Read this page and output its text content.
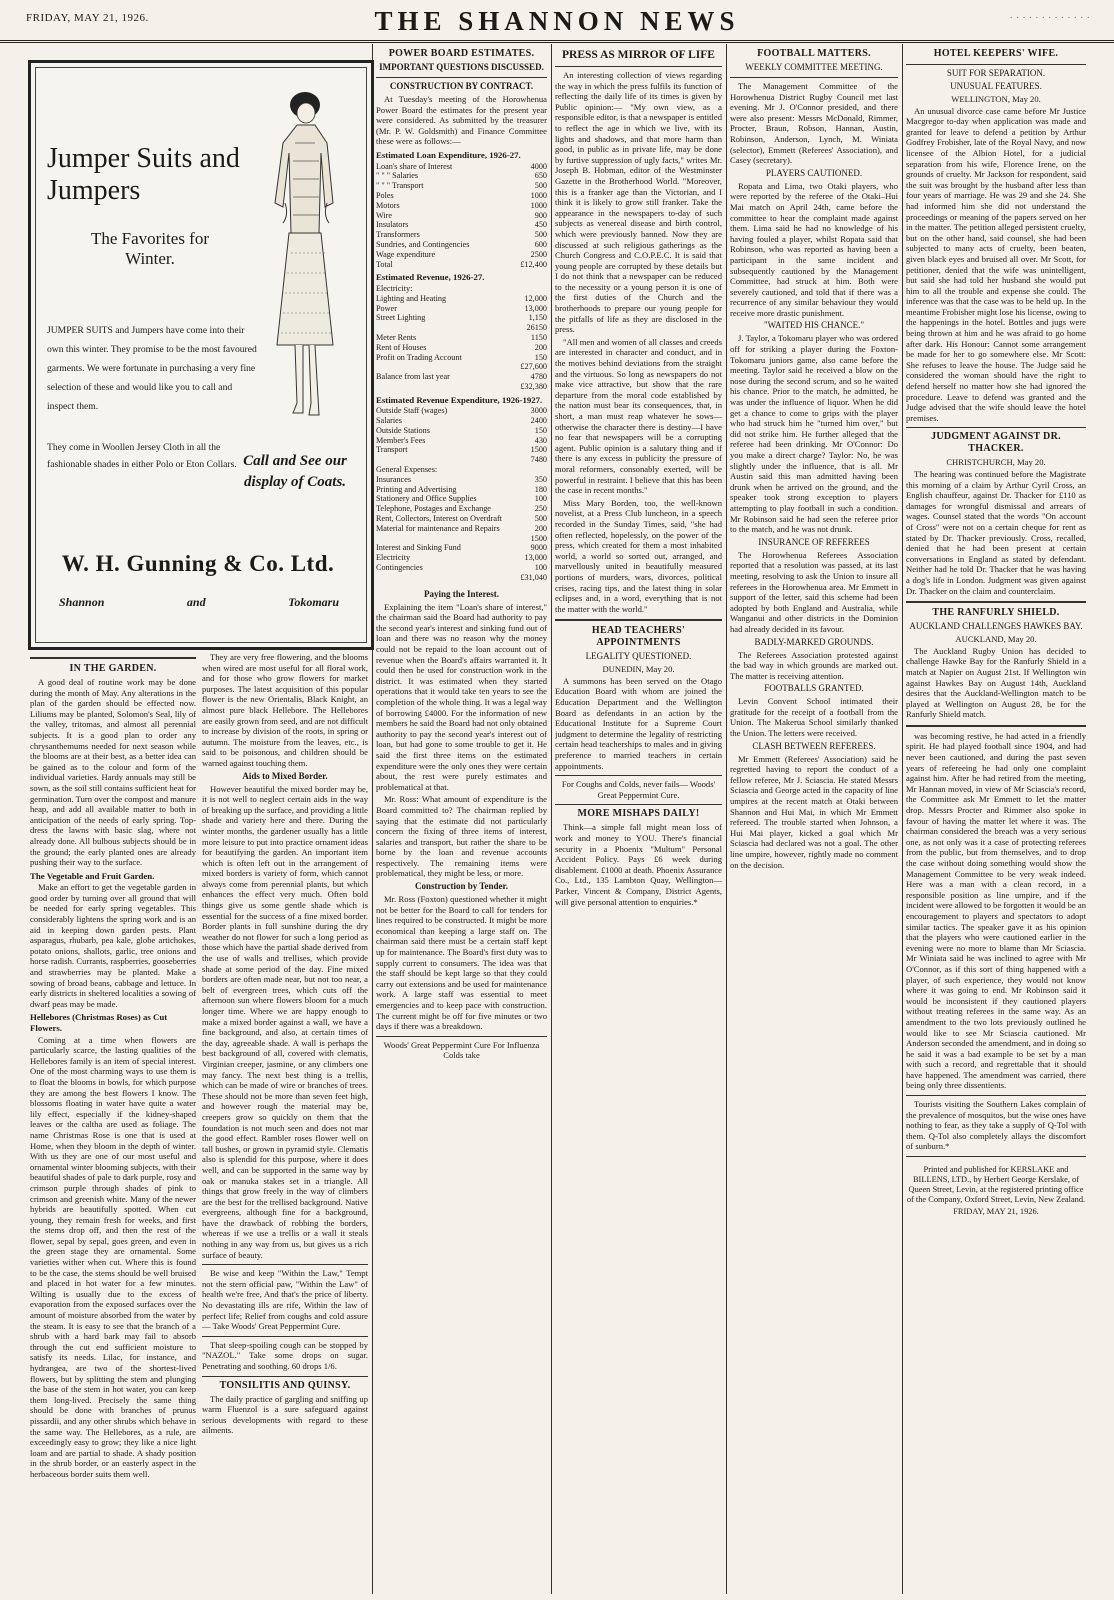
FRIDAY, MAY 21, 1926.	THE SHANNON NEWS	· · · · · · · · · · · · ·
Jumper Suits and Jumpers
The Favorites for Winter.
JUMPER SUITS and Jumpers have come into their own this winter. They promise to be the most favoured garments. We were fortunate in purchasing a very fine selection of these and would like you to call and inspect them.
They come in Woollen Jersey Cloth in all the fashionable shades in either Polo or Eton Collars. Call and See our display of Coats.
W. H. Gunning & Co. Ltd.
Shannon	and	Tokomaru
IN THE GARDEN.

A good deal of routine work may be done during the month of May. Any alterations in the plan of the garden should be effected now. Liliums may be planted, Solomon's Seal, lily of the valley, tritomas, and almost all perennial subjects. It is a good plan to order any chrysanthemums needed for next season while the blooms are at their best, as a better idea can be gained as to the colour and form of the individual varieties. Hardy annuals may still be sown, as the soil still contains sufficient heat for germination. Turn over the compost and manure heap, and add all available matter to both in anticipation of the needs of early spring. Top-dress the lawns with basic slag, where not already done. All bulbous subjects should be in the ground; the early planted ones are already pushing their way to the surface.

The Vegetable and Fruit Garden.

Make an effort to get the vegetable garden in good order by turning over all ground that will be needed for early spring vegetables. This considerably lightens the spring work and is an aid in keeping down garden pests. Plant asparagus, rhubarb, pea kale, globe artichokes, potato onions, shallots, garlic, tree onions and horse radish. Currants, raspberries, gooseberries and strawberries may be planted. Make a sowing of broad beans, cabbage and lettuce. In early districts in sheltered localities a sowing of dwarf peas may be made.

Hellebores (Christmas Roses) as Cut Flowers.

Coming at a time when flowers are particularly scarce, the lasting qualities of the Hellebores family is an item of special interest. One of the most charming ways to use them is to float the blooms in bowls, for which purpose they are among the best flowers I know. The blossoms floating in water have quite a water lily effect, especially if the kidney-shaped leaves or the caltha are used as foliage. The name Christmas Rose is one that is used at Home, when they bloom in the depth of winter. With us they are one of our most useful and ornamental winter blooming subjects, with their beautiful shades of pale to dark purple, rosy and crimson purple through shades of pink to crimson and greenish white. Many of the newer hybrids are beautifully spotted. When cut young, they remain fresh for weeks, and first the stems drop off, and then the rest of the flower, sepal by sepal, goes green, and even in the green stage they are ornamental. Some varieties wither when cut. Where this is found to be the case, the stems should be well bruised and placed in hot water for a few minutes. Wilting is usually due to the excess of evaporation from the exposed surfaces over the amount of moisture absorbed from the water by the steam. It is easy to see that the branch of a shrub with a hard bark may fail to absorb through the cut end sufficient moisture to satisfy its needs. Lilac, for instance, and hydrangea, are two of the shortest-lived flowers, but by splitting the stem and plunging the base of the stem in hot water, you can keep them long-lived. Precisely the same thing should be done with branches of prunus pissardii, and any other shrubs which behave in the same way. The Hellebores, as a rule, are exceedingly easy to grow; they like a nice light loam and are partial to shade. A shady position in the shrub border, or an easterly aspect in the herbaceous border suits them well.

They are very free flowering, and the blooms when wired are most useful for all floral work, and for those who grow flowers for market purposes. The latest acquisition of this popular flower is the new Orientalis, Black Knight, an almost pure black Hellebore. The Hellebores are easily grown from seed, and are not difficult to increase by division of the roots, in spring or autumn. The moisture from the leaves, etc., is said to be poisonous, and children should be warned against touching them.

Aids to Mixed Border.

However beautiful the mixed border may be, it is not well to neglect certain aids in the way of breaking up the surface, and providing a little shade and variety here and there. During the winter months, the gardener usually has a little more leisure to put into practice ornament ideas for beautifying the garden. An important item which is often left out in the arrangement of mixed borders is variety of form, which cannot always come from perennial plants, but which enhances the effect very much. Often bold things give us some gentle shade which is essential for the success of a fine mixed border. Border plants in full sunshine during the dry weather do not flower for such a long period as those which have the partial shade derived from the use of walls and trellises, which provide shade at some period of the day. Fine mixed borders are often made near, but not too near, a belt of evergreen trees, which cuts off the afternoon sun where flowers bloom for a much longer time. Where we are happy enough to make a mixed border against a wall, we have a fine background, and also, at certain times of the day, agreeable shade. A wall is perhaps the best background of all, covered with clematis, Virginian creeper, jasmine, or any climbers one may fancy. The next best thing is a trellis, which can be made of wire or branches of trees. These should not be more than seven feet high, and however rough the material may be, creepers grow so quickly on them that the foundation is not much seen and does not mar the good effect. Rambler roses flower well on tall bushes, or grown in pyramid style. Clematis also is splendid for this purpose, where it does well, and can be supported in the same way by oak or manuka stakes set in a triangle. All things that grow freely in the way of climbers are the best for the trellised background. Native evergreens, although fine for a background, have the drawback of robbing the borders, whereas if we use a trellis or a wall it steals nothing in any way from us, but gives us a rich surface of beauty.

Be wise and keep "Within the Law," Tempt not the stern official paw, "Within the Law" of health we're free, And that's the price of liberty. No devastating ills are rife, Within the law of perfect life; Relief from coughs and cold assure— Take Woods' Great Peppermint Cure.

That sleep-spoiling cough can be stopped by "NAZOL." Take some drops on sugar. Penetrating and soothing. 60 drops 1/6.

TONSILITIS AND QUINSY.

The daily practice of gargling and sniffing up warm Fluenzol is a sure safeguard against serious developments with regard to these ailments.

POWER BOARD ESTIMATES.
IMPORTANT QUESTIONS DISCUSSED.
CONSTRUCTION BY CONTRACT.

At Tuesday's meeting of the Horowhenua Power Board the estimates for the present year were considered. As submitted by the treasurer (Mr. P. W. Goldsmith) and Finance Committee these were as follows:—

Estimated Loan Expenditure, 1926-27.
Loan's share of Interest	4000
" " " Salaries	650
" " " Transport	500
Poles	1000
Motors	1000
Wire	900
Insulators	450
Transformers	500
Sundries, and Contingencies	600
Wage expenditure	2500
Total	£12,400
Estimated Revenue, 1926-27.
Electricity:	
Lighting and Heating	12,000
Power	13,000
Street Lighting	1,150
	26150
Meter Rents	1150
Rent of Houses	200
Profit on Trading Account	150
	£27,600
Balance from last year	4780
	£32,380
Estimated Revenue Expenditure, 1926-1927.
Outside Staff (wages)	3000
Salaries	2400
Outside Stations	150
Member's Fees	430
Transport	1500
	7480
General Expenses:	
Insurances	350
Printing and Advertising	180
Stationery and Office Supplies	100
Telephone, Postages and Exchange	250
Rent, Collectors, Interest on Overdraft	500
Material for maintenance and Repairs	200
	1500
Interest and Sinking Fund	9000
Electricity	13,000
Contingencies	100
	£31,040
Paying the Interest.

Explaining the item "Loan's share of interest," the chairman said the Board had authority to pay the second year's interest and sinking fund out of loan and there was no reason why the money could not be repaid to the loan account out of revenue when the Board's affairs warranted it. It could then be used for construction work in the district. It was estimated when they started operations that it would take ten years to see the completion of the whole thing. It was a legal way of borrowing £4000. For the information of new members he said the Board had not only obtained authority to pay the second year's interest out of loan, but had gone to some trouble to get it. He said the first three items on the estimated expenditure were the only ones they were certain about, the rest were purely estimates and problematical at that.

Mr. Ross: What amount of expenditure is the Board committed to? The chairman replied by saying that the estimate did not particularly concern the fixing of three items of interest, salaries and transport, but rather the share to be borne by the loan and revenue accounts respectively. The remaining items were problematical, they might be less, or more.

Construction by Tender.

Mr. Ross (Foxton) questioned whether it might not be better for the Board to call for tenders for lines required to be constructed. It might be more economical than keeping a large staff on. The chairman said there must be a certain staff kept up for maintenance. The Board's first duty was to supply current to consumers. The idea was that the staff should be kept large so that they could carry out extensions and be used for maintenance work. A large staff was essential to meet emergencies and to keep pace with construction. The current might be off for five minutes or two days if there was a breakdown.

Woods' Great Peppermint Cure For Influenza Colds take

PRESS AS MIRROR OF LIFE

An interesting collection of views regarding the way in which the press fulfils its function of reflecting the daily life of its times is given by Public opinion:— "My own view, as a responsible editor, is that a newspaper is entitled to reflect the age in which we live, with its lights and shadows, and that more harm than good, in public as in private life, may be done by furtive suppression of ugly facts," writes Mr. Joseph B. Hobman, editor of the Westminster Gazette in the Brotherhood World. "Moreover, this is a franker age than the Victorian, and I think it is likely to grow still franker. Take the appearance in the newspapers to-day of such subjects as venereal disease and birth control, which were previously banned. Now they are discussed at such religious gatherings as the Church Congress and C.O.P.E.C. It is said that young people are corrupted by these details but I do not think that a newspaper can be reduced to the necessity or a young person it is one of the first duties of the Church and the brotherhoods to prepare our young people for the pitfalls of life as they are disclosed in the press.

"All men and women of all classes and creeds are interested in character and conduct, and in the motives behind deviations from the straight and the virtuous. So long as newspapers do not make vice attractive, but show that the rare departure from the moral code established by the nation must bear its consequences, that, in short, a man must reap whatever he sows—otherwise the character there is destiny—I have no fear that newspapers will be a corrupting agent. Public opinion is a salutary thing and if there is any excess in publicity the pressure of moral reformers, consonably exerted, will be powerful in restraint. I believe that this has been the case in recent months."

Miss Mary Borden, too, the well-known novelist, at a Press Club luncheon, in a speech recorded in the Sunday Times, said, "she had often reflected, hopelessly, on the power of the press, which created for them a most inhabited world, a world so sorted out, arranged, and marvellously united in beautifully measured portions of murders, wars, divorces, political crises, racing tips, and the latest thing in solar eclipses and, in a word, everything that is not the matter with the world."

HEAD TEACHERS' APPOINTMENTS
LEGALITY QUESTIONED.
DUNEDIN, May 20.

A summons has been served on the Otago Education Board with whom are joined the Education Department and the Wellington Board as defendants in an action by the Educational Institute for a Supreme Court judgment to determine the legality of restricting certain head teacherships to males and in giving preference to married teachers in certain appointments.

For Coughs and Colds, never fails— Woods' Great Peppermint Cure.

MORE MISHAPS DAILY!

Think—a simple fall might mean loss of work and money to YOU. There's financial security in a Phoenix "Multum" Personal Accident Policy. Pays £6 week during disablement. £1000 at death. Phoenix Assurance Co., Ltd., 135 Lambton Quay, Wellington—Parker, Vincent & Company, District Agents, will give personal attention to enquiries.*

FOOTBALL MATTERS.
WEEKLY COMMITTEE MEETING.

The Management Committee of the Horowhenua District Rugby Council met last evening. Mr J. O'Connor presided, and there were also present: Messrs McDonald, Rimmer, Procter, Braun, Robson, Hannan, Austin, Robinson, Anderson, Lynch, M. Winiata (selector), Emmett (Referees' Association), and Casey (secretary).

PLAYERS CAUTIONED.

Ropata and Lima, two Otaki players, who were reported by the referee of the Otaki–Hui Mai match on April 24th, came before the committee to hear the complaint made against them. Lima said he had no knowledge of his having fouled a player, whilst Ropata said that Robinson, who was reported as having been a participant in the same incident and subsequently cautioned by the Management Committee, had struck at him. Both were severely cautioned, and told that if there was a recurrence of any similar behaviour they would receive more drastic punishment.

"WAITED HIS CHANCE."

J. Taylor, a Tokomaru player who was ordered off for striking a player during the Foxton-Tokomaru juniors game, also came before the meeting. Taylor said he received a blow on the nose during the second scrum, and so he waited his chance. Prior to the match, he admitted, he was under the influence of liquor. When he did get a chance to come to grips with the player who had struck him he "turned him over," but did not strike him. He further alleged that the referee had been drinking. Mr O'Connor: Do you make a direct charge? Taylor: No, he was slightly under the influence, that is all. Mr Austin said this man admitted having been drunk when he arrived on the ground, and the speaker took strong exception to players attempting to play football in such a condition. Mr Robinson said he had seen the referee prior to the match, and he was not drunk.

INSURANCE OF REFEREES

The Horowhenua Referees Association reported that a resolution was passed, at its last meeting, resolving to ask the Union to insure all referees in the Horowhenua area. Mr Emmett in support of the letter, said this scheme had been adopted by both England and Australia, while Wanganui and other districts in the Dominion had already decided in its favour.

BADLY-MARKED GROUNDS.

The Referees Association protested against the bad way in which grounds are marked out. The matter is receiving attention.

FOOTBALLS GRANTED.

Levin Convent School intimated their gratitude for the receipt of a football from the Union. The Makerua School similarly thanked the Union. The letters were received.

CLASH BETWEEN REFEREES.

Mr Emmett (Referees' Association) said he regretted having to report the conduct of a fellow referee, Mr J. Sciascia. He stated Messrs Sciascia and George acted in the capacity of line umpires at the recent match at Otaki between Shannon and Hui Mai, in which Mr Emmett refereed. The trouble started when Johnson, a Hui Mai player, kicked a goal which Mr Sciascia had declared was not a goal. The other line umpire, however, rightly made no comment on the decision.

HOTEL KEEPERS' WIFE.
SUIT FOR SEPARATION.
UNUSUAL FEATURES.
WELLINGTON, May 20.

An unusual divorce case came before Mr Justice Macgregor to-day when application was made and granted for leave to defend a petition by Arthur Godfrey Frobisher, late of the Royal Navy, and now licensee of the Albion Hotel, for a judicial separation from his wife, Florence Irene, on the grounds of cruelty. Mr Jackson for respondent, said the suit was brought by the husband after less than four years of marriage. He was 29 and she 24. She had informed him she did not understand the proceedings or meaning of the papers served on her in the matter. The petition alleged persistent cruelty, but on the other hand, said counsel, she had been subjected to many acts of cruelty, been beaten, given black eyes and bruised all over. Mr Scott, for petitioner, denied that the wife was unintelligent, but said she had told her husband she would put him to all the trouble and expense she could. The inference was that the case was to be held up. In the meantime Frobisher might lose his license, owing to the happenings in the hotel. Bottles and jugs were being thrown at him and he was afraid to go home after dark. His Honour: Cannot some arrangement be made for her to go somewhere else. Mr Scott: She refuses to leave the house. The Judge said he considered the woman should have the right to defend herself no matter how she had ignored the procedure. Leave to defend was granted and the Judge advised that the wife should leave the hotel premises.

JUDGMENT AGAINST DR. THACKER.
CHRISTCHURCH, May 20.

The hearing was continued before the Magistrate this morning of a claim by Arthur Cyril Cross, an English chauffeur, against Dr. Thacker for £110 as damages for wrongful dismissal and arrears of wages. Counsel stated that the words "On account of Cross" were not on a certain cheque for rent as stated by Dr. Thacker previously. Cross, recalled, denied that he had been present at certain conversations in England as stated by defendant. Neither had he told Dr. Thacker that he was having a dog's life in London. Judgment was given against Dr. Thacker on the claim and counterclaim.

THE RANFURLY SHIELD.
AUCKLAND CHALLENGES HAWKES BAY.
AUCKLAND, May 20.

The Auckland Rugby Union has decided to challenge Hawke Bay for the Ranfurly Shield in a match at Napier on August 21st. If Wellington win against Hawkes Bay on August 14th, Auckland desires that the Auckland-Wellington match to be played at Wellington on August 28, be for the Ranfurly Shield match.

was becoming restive, he had acted in a friendly spirit. He had played football since 1904, and had never been cautioned, and during the past seven years of refereeing he had only one complaint against him. After he had retired from the meeting, Mr Hannan moved, in view of Mr Sciascia's record, the Committee ask Mr Emmett to let the matter drop. Messrs Procter and Rimmer also spoke in favour of having the matter let where it was. The chairman considered the breach was a very serious one, as not only was it a case of protecting referees from the public, but from themselves, and to drop the case without doing something would show the Management Committee to be very weak indeed. Here was a man with a clean record, in a responsible position as line umpire, and if the incident were allowed to be forgotten it would be an encouragement to players and spectators to adopt similar tactics. The speaker gave it as his opinion that the players who were cautioned earlier in the evening were no more to blame than Mr Sciascia. Mr Winiata said he was inclined to agree with Mr O'Connor, as if this sort of thing happened with a player, of such experience, they would not know where it was going to end. Mr Robinson said it would be inconsistent if they cautioned players without treating referees in the same way. As an amendment to the two lots previously outlined he would like to see Mr Sciascia cautioned. Mr Anderson seconded the amendment, and in doing so he said it was a bad example to be set by a man with such a record, and regrettable that it should have happened. The amendment was carried, there being only three dissentients.

Tourists visiting the Southern Lakes complain of the prevalence of mosquitos, but the wise ones have nothing to fear, as they take a supply of Q-Tol with them. Q-Tol also completely allays the discomfort of sunburn.*

Printed and published for KERSLAKE and BILLENS, LTD., by Herbert George Kerslake, of Queen Street, Levin, at the registered printing office of the Company, Oxford Street, Levin, New Zealand.
FRIDAY, MAY 21, 1926.
